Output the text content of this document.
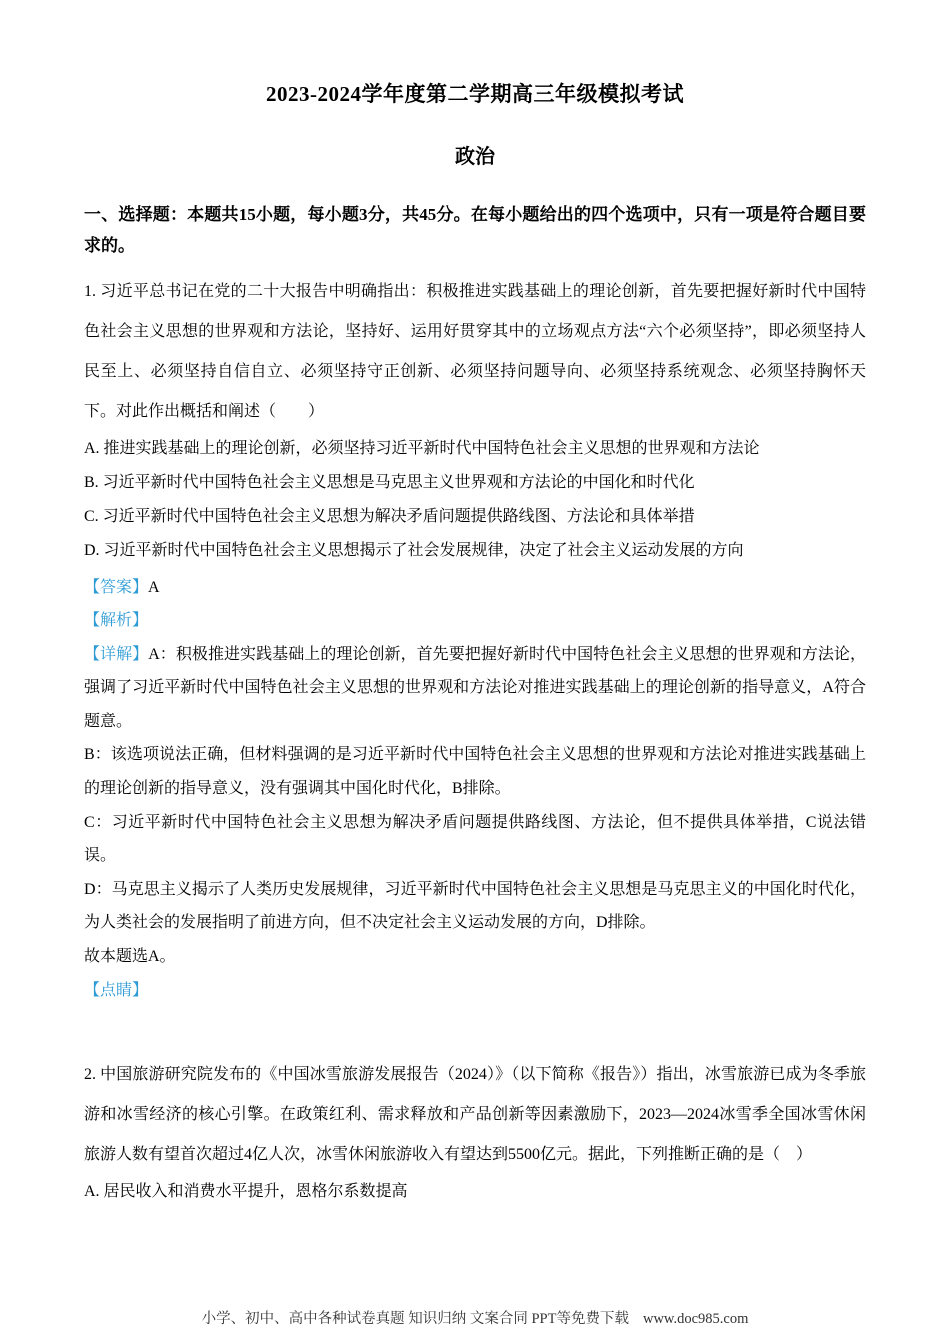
2023-2024学年度第二学期高三年级模拟考试
政治

一、选择题：本题共15小题，每小题3分，共45分。在每小题给出的四个选项中，只有一项是符合题目要求的。

1. 习近平总书记在党的二十大报告中明确指出：积极推进实践基础上的理论创新，首先要把握好新时代中国特色社会主义思想的世界观和方法论，坚持好、运用好贯穿其中的立场观点方法“六个必须坚持”，即必须坚持人民至上、必须坚持自信自立、必须坚持守正创新、必须坚持问题导向、必须坚持系统观念、必须坚持胸怀天下。对此作出概括和阐述（　　）

A. 推进实践基础上的理论创新，必须坚持习近平新时代中国特色社会主义思想的世界观和方法论

B. 习近平新时代中国特色社会主义思想是马克思主义世界观和方法论的中国化和时代化

C. 习近平新时代中国特色社会主义思想为解决矛盾问题提供路线图、方法论和具体举措

D. 习近平新时代中国特色社会主义思想揭示了社会发展规律，决定了社会主义运动发展的方向

【答案】A

【解析】

【详解】A：积极推进实践基础上的理论创新，首先要把握好新时代中国特色社会主义思想的世界观和方法论，强调了习近平新时代中国特色社会主义思想的世界观和方法论对推进实践基础上的理论创新的指导意义，A符合题意。

B：该选项说法正确，但材料强调的是习近平新时代中国特色社会主义思想的世界观和方法论对推进实践基础上的理论创新的指导意义，没有强调其中国化时代化，B排除。

C：习近平新时代中国特色社会主义思想为解决矛盾问题提供路线图、方法论，但不提供具体举措，C说法错误。

D：马克思主义揭示了人类历史发展规律，习近平新时代中国特色社会主义思想是马克思主义的中国化时代化，为人类社会的发展指明了前进方向，但不决定社会主义运动发展的方向，D排除。

故本题选A。

【点睛】

2. 中国旅游研究院发布的《中国冰雪旅游发展报告（2024）》（以下简称《报告》）指出，冰雪旅游已成为冬季旅游和冰雪经济的核心引擎。在政策红利、需求释放和产品创新等因素激励下，2023—2024冰雪季全国冰雪休闲旅游人数有望首次超过4亿人次，冰雪休闲旅游收入有望达到5500亿元。据此，下列推断正确的是（　）

A. 居民收入和消费水平提升，恩格尔系数提高

小学、初中、高中各种试卷真题 知识归纳 文案合同 PPT等免费下载 www.doc985.com
